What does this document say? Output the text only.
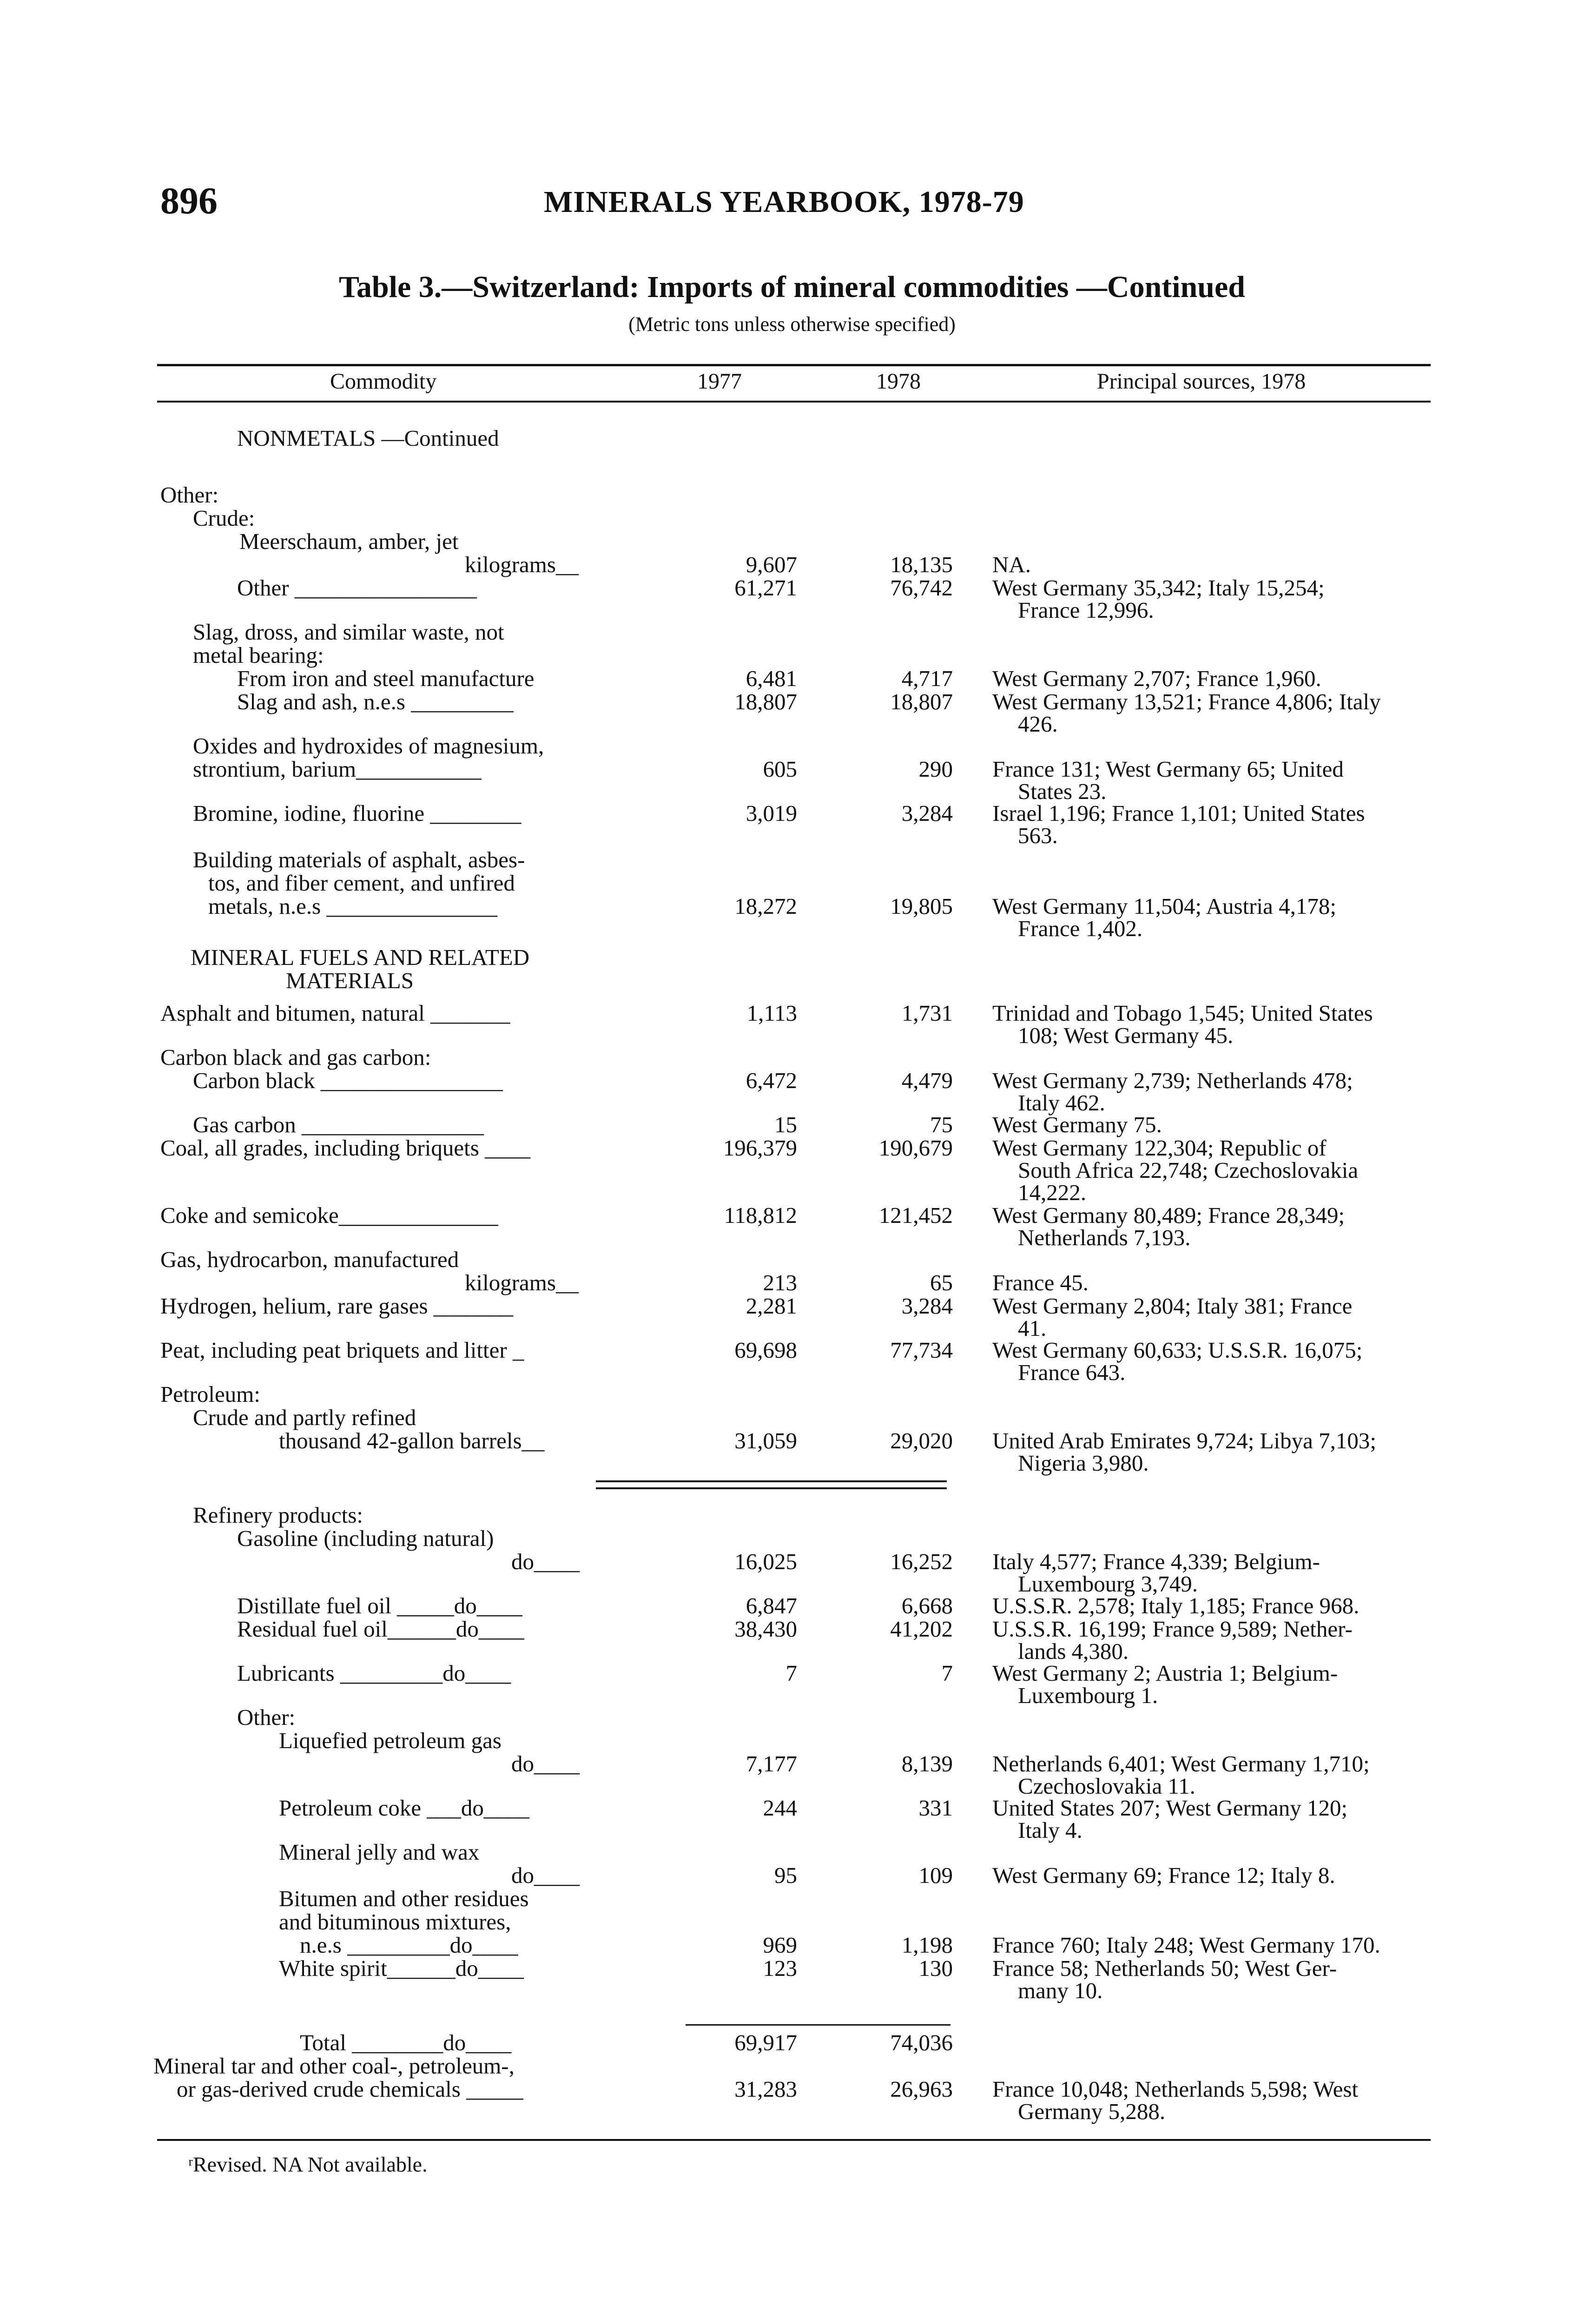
896	MINERALS YEARBOOK, 1978-79
Table 3.—Switzerland: Imports of mineral commodities —Continued
(Metric tons unless otherwise specified)
Commodity	1977	1978	Principal sources, 1978
NONMETALS —Continued
Other:
Crude:
Meerschaum, amber, jet
kilograms__	9,607	18,135 NA.
Other ________________	61,271	76,742 West Germany 35,342; Italy 15,254;
France 12,996.
Slag, dross, and similar waste, not
metal bearing:
From iron and steel manufacture	6,481	4,717 West Germany 2,707; France 1,960.
Slag and ash, n.e.s _________	18,807	18,807 West Germany 13,521; France 4,806; Italy
426.
Oxides and hydroxides of magnesium,
strontium, barium___________	605	290 France 131; West Germany 65; United
States 23.
Bromine, iodine, fluorine ________	3,019	3,284 Israel 1,196; France 1,101; United States
563.
Building materials of asphalt, asbes-
tos, and fiber cement, and unfired
metals, n.e.s _______________	18,272	19,805 West Germany 11,504; Austria 4,178;
France 1,402.
MINERAL FUELS AND RELATED
MATERIALS
Asphalt and bitumen, natural _______	1,113	1,731 Trinidad and Tobago 1,545; United States
108; West Germany 45.
Carbon black and gas carbon:
Carbon black ________________	6,472	4,479 West Germany 2,739; Netherlands 478;
Italy 462.
Gas carbon ________________	15	75 West Germany 75.
Coal, all grades, including briquets ____	196,379	190,679 West Germany 122,304; Republic of
South Africa 22,748; Czechoslovakia
14,222.
Coke and semicoke______________	118,812	121,452 West Germany 80,489; France 28,349;
Netherlands 7,193.
Gas, hydrocarbon, manufactured
kilograms__	213	65 France 45.
Hydrogen, helium, rare gases _______	2,281	3,284 West Germany 2,804; Italy 381; France
41.
Peat, including peat briquets and litter _	69,698	77,734 West Germany 60,633; U.S.S.R. 16,075;
France 643.
Petroleum:
Crude and partly refined
thousand 42-gallon barrels__	31,059	29,020 United Arab Emirates 9,724; Libya 7,103;
Nigeria 3,980.
Refinery products:
Gasoline (including natural)
do____	16,025	16,252 Italy 4,577; France 4,339; Belgium-
Luxembourg 3,749.
Distillate fuel oil _____do____	6,847	6,668 U.S.S.R. 2,578; Italy 1,185; France 968.
Residual fuel oil______do____	38,430	41,202 U.S.S.R. 16,199; France 9,589; Nether-
lands 4,380.
Lubricants _________do____	7	7 West Germany 2; Austria 1; Belgium-
Luxembourg 1.
Other:
Liquefied petroleum gas
do____	7,177	8,139 Netherlands 6,401; West Germany 1,710;
Czechoslovakia 11.
Petroleum coke ___do____	244	331 United States 207; West Germany 120;
Italy 4.
Mineral jelly and wax
do____	95	109 West Germany 69; France 12; Italy 8.
Bitumen and other residues
and bituminous mixtures,
n.e.s _________do____	969	1,198 France 760; Italy 248; West Germany 170.
White spirit______do____	123	130 France 58; Netherlands 50; West Ger-
many 10.
Total ________do____	69,917	74,036
Mineral tar and other coal-, petroleum-,
or gas-derived crude chemicals _____	31,283	26,963 France 10,048; Netherlands 5,598; West
Germany 5,288.
ʳRevised. NA Not available.
